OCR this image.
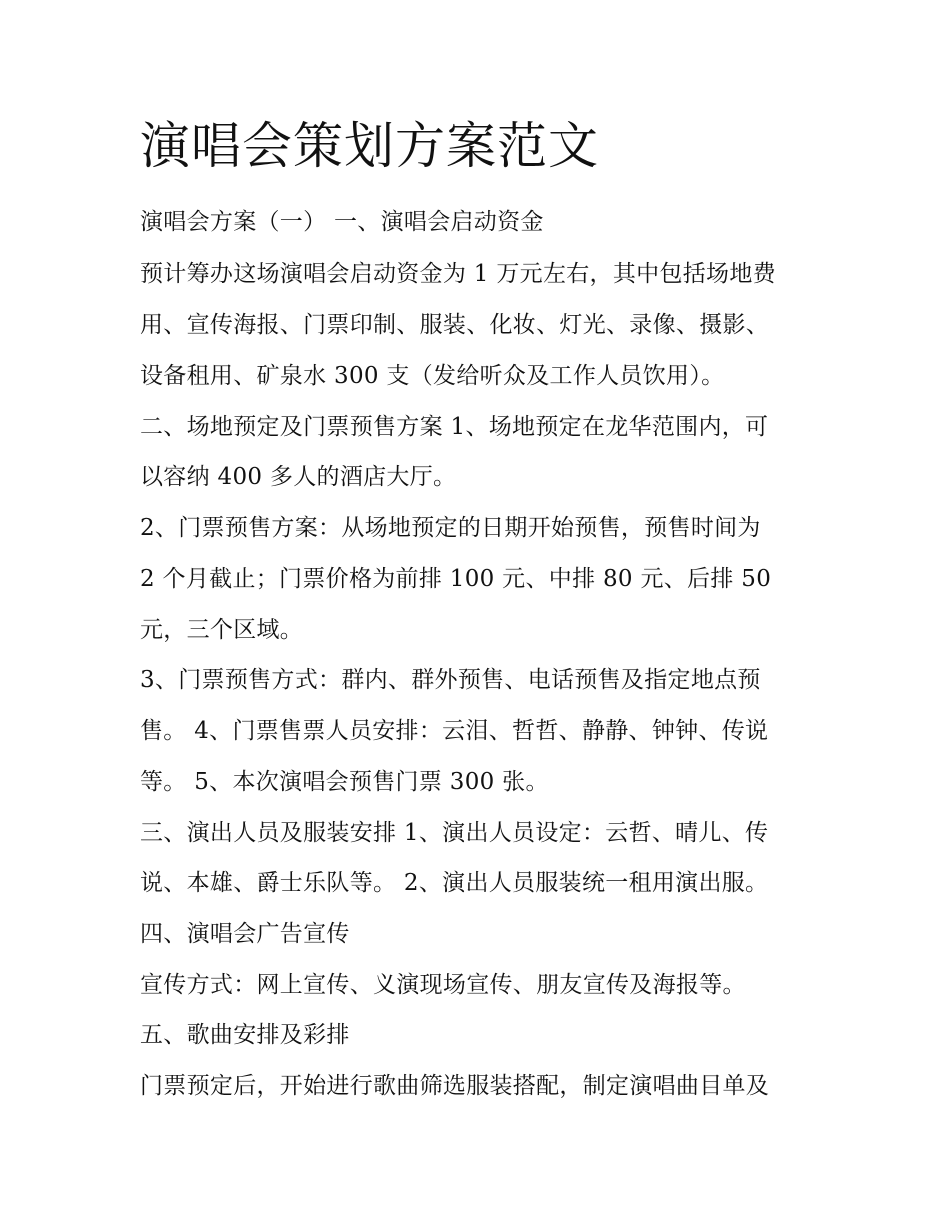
演唱会策划方案范文
演唱会方案（一） 一、演唱会启动资金
预计筹办这场演唱会启动资金为 1 万元左右，其中包括场地费
用、宣传海报、门票印制、服装、化妆、灯光、录像、摄影、
设备租用、矿泉水 300 支（发给听众及工作人员饮用）。
二、场地预定及门票预售方案 1、场地预定在龙华范围内，可
以容纳 400 多人的酒店大厅。
2、门票预售方案：从场地预定的日期开始预售，预售时间为
2 个月截止；门票价格为前排 100 元、中排 80 元、后排 50
元，三个区域。
3、门票预售方式：群内、群外预售、电话预售及指定地点预
售。 4、门票售票人员安排：云泪、哲哲、静静、钟钟、传说
等。 5、本次演唱会预售门票 300 张。
三、演出人员及服装安排 1、演出人员设定：云哲、晴儿、传
说、本雄、爵士乐队等。 2、演出人员服装统一租用演出服。
四、演唱会广告宣传
宣传方式：网上宣传、义演现场宣传、朋友宣传及海报等。
五、歌曲安排及彩排
门票预定后，开始进行歌曲筛选服装搭配，制定演唱曲目单及
